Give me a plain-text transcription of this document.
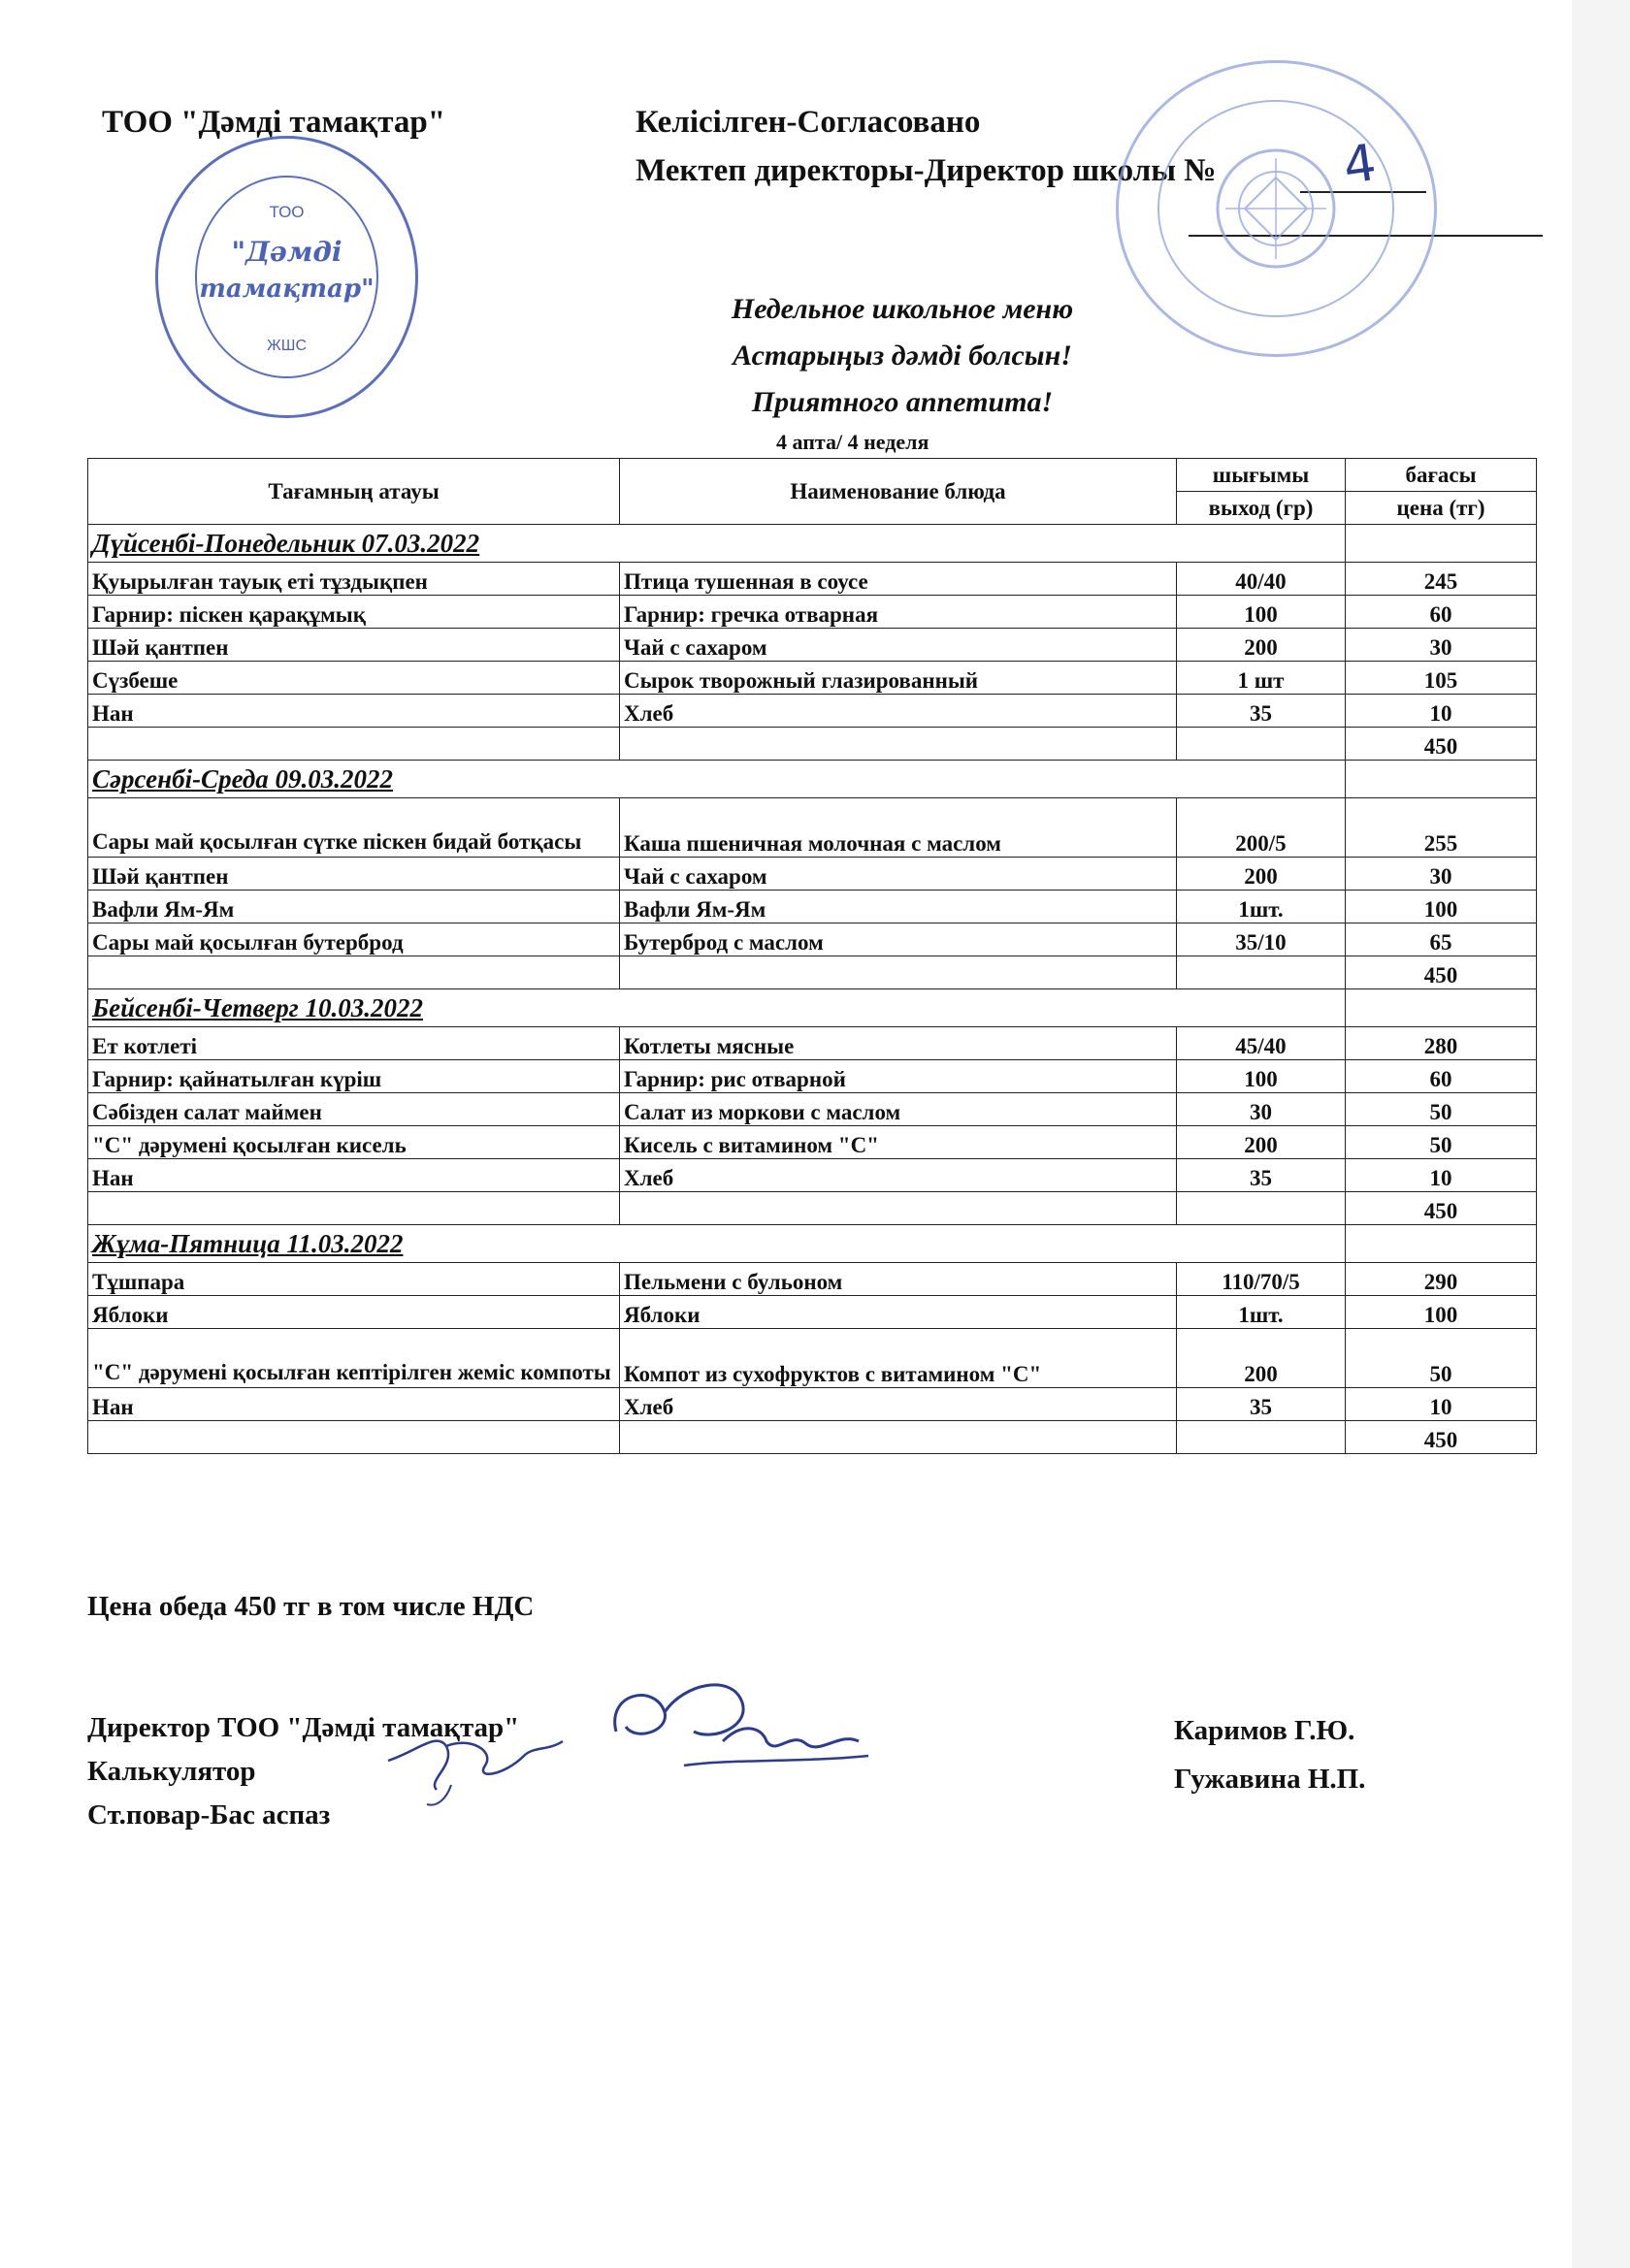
ТОО "Дәмді тамақтар"	Келісілген-Согласовано
Мектеп директоры-Директор школы № 4
ТОО
"Дәмді
тамақтар"
ЖШС
Недельное школьное меню
Астарыңыз дәмді болсын!
Приятного аппетита!
4 апта/ 4 неделя
Тағамның атауы	Наименование блюда	шығымы	бағасы
		выход (гр)	цена (тг)
Дүйсенбі-Понедельник 07.03.2022			
Қуырылған тауық еті тұздықпен	Птица тушенная в соусе	40/40	245
Гарнир: піскен қарақұмық	Гарнир: гречка отварная	100	60
Шәй қантпен	Чай с сахаром	200	30
Сүзбеше	Сырок творожный глазированный	1 шт	105
Нан	Хлеб	35	10
			450
Сәрсенбі-Среда 09.03.2022			
Сары май қосылған сүтке піскен бидай ботқасы	Каша пшеничная молочная с маслом	200/5	255
Шәй қантпен	Чай с сахаром	200	30
Вафли Ям-Ям	Вафли Ям-Ям	1шт.	100
Сары май қосылған бутерброд	Бутерброд с маслом	35/10	65
			450
Бейсенбі-Четверг 10.03.2022			
Ет котлеті	Котлеты мясные	45/40	280
Гарнир: қайнатылған күріш	Гарнир: рис отварной	100	60
Сәбізден салат маймен	Салат из моркови с маслом	30	50
"С" дәрумені қосылған кисель	Кисель с витамином "С"	200	50
Нан	Хлеб	35	10
			450
Жұма-Пятница 11.03.2022			
Тұшпара	Пельмени с бульоном	110/70/5	290
Яблоки	Яблоки	1шт.	100
"С" дәрумені қосылған кептірілген жеміс компоты	Компот из сухофруктов с витамином "С"	200	50
Нан	Хлеб	35	10
			450
Цена обеда 450 тг в том числе НДС
Директор ТОО "Дәмді тамақтар"
Калькулятор
Ст.повар-Бас аспаз
Каримов Г.Ю.
Гужавина Н.П.
